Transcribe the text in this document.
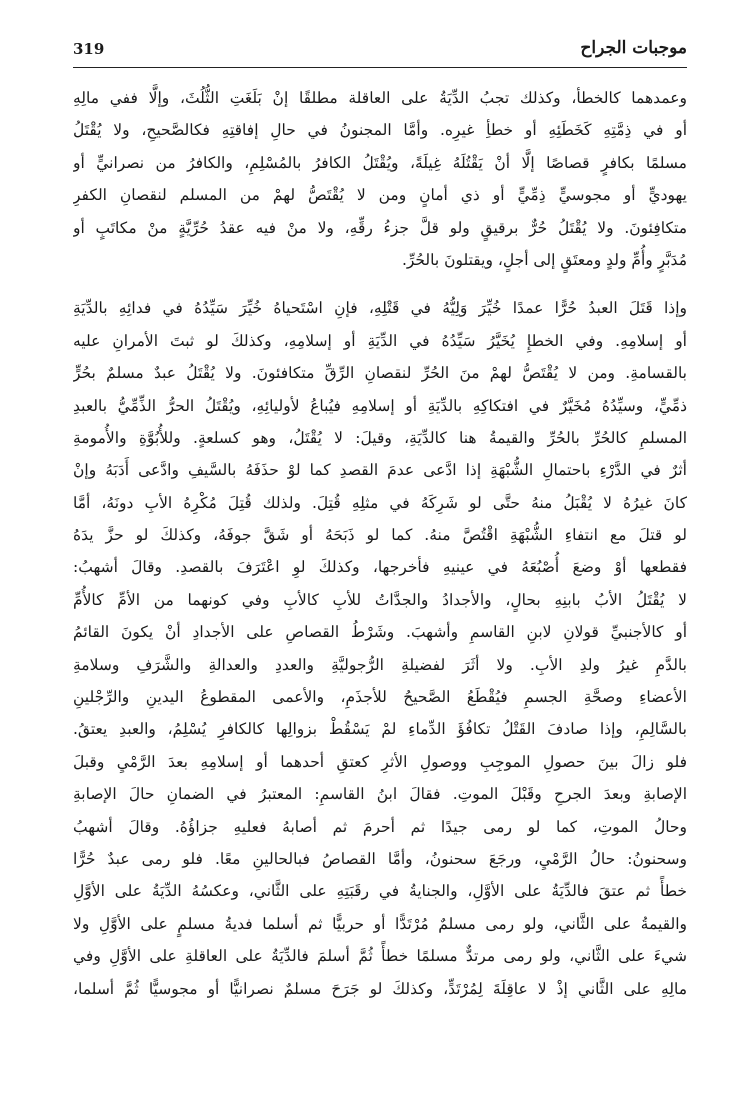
319	موجبات الجراح
وعمدهما كالخطأ، وكذلك تجبُ الدِّيَةُ على العاقلة مطلقًا إنْ بَلَغَتِ الثُّلُثَ، وإلَّا ففي مالِهِ
أو في ذِمَّتِهِ كَخَطَئِهِ أو خطأِ غيرِه. وأمَّا المجنونُ في حالِ إفاقتِهِ فكالصَّحيحِ، ولا يُقْتَلُ
مسلمًا بكافرٍ قصاصًا إلَّا أنْ يَقْتُلَهُ غِيلَةً، ويُقْتَلُ الكافرُ بالمُسْلِمِ، والكافرُ من نصرانيٍّ أو
يهوديٍّ أو مجوسيٍّ ذِمِّيٍّ أو ذي أمانٍ ومن لا يُقْتَصُّ لهمْ من المسلم لنقصانِ الكفرِ
متكافِئونَ. ولا يُقْتَلُ حُرٌّ برقيقٍ ولو قلَّ جزءُ رقِّهِ، ولا منْ فيه عقدُ حُرِّيَّةٍ منْ مكاتَبٍ أو
مُدَبَّرٍ وأُمِّ ولدٍ ومعتَقٍ إلى أجلٍ، ويقتلونَ بالحُرِّ.
وإذا قَتَلَ العبدُ حُرًّا عمدًا خُيِّرَ وَلِيُّهُ في قَتْلِهِ، فإنِ اسْتَحياهُ خُيِّرَ سَيِّدُهُ في فدائِهِ بالدِّيَةِ
أو إسلامِهِ. وفي الخطإِ يُخَيَّرُ سَيِّدُهُ في الدِّيَةِ أو إسلامِهِ، وكذلكَ لو ثبتَ الأمرانِ عليه
بالقسامةِ. ومن لا يُقْتَصُّ لهمْ منَ الحُرِّ لنقصانِ الرِّقِّ متكافئونَ. ولا يُقْتَلُ عبدٌ مسلمٌ بحُرٍّ
ذمِّيٍّ، وسيِّدُهُ مُخَيَّرٌ في افتكاكِهِ بالدِّيَةِ أو إسلامِهِ فيُباعُ لأوليائِهِ، ويُقْتَلُ الحرُّ الذِّمِّيُّ بالعبدِ
المسلمِ كالحُرِّ بالحُرِّ والقيمةُ هنا كالدِّيَةِ، وقيلَ: لا يُقْتَلُ، وهو كسلعةٍ. وللأُبُوَّةِ والأُمومةِ
أثرٌ في الدَّرْءِ باحتمالِ الشُّبْهَةِ إذا ادَّعى عدمَ القصدِ كما لوْ حذَفَهُ بالسَّيفِ وادَّعى أَدَبَهُ وإنْ
كانَ غيرُهُ لا يُقْبَلُ منهُ حتَّى لو شَرِكَهُ في مثلِهِ قُتِلَ. ولذلك قُتِلَ مُكْرِهُ الأبِ دونَهُ، أمَّا
لو قتلَ مع انتفاءِ الشُّبْهَةِ اقْتُصَّ منهُ. كما لو ذَبَحَهُ أو شَقَّ جوفَهُ، وكذلكَ لو حزَّ يدَهُ
فقطعها أوْ وضعَ أُصْبُعَهُ في عينيهِ فأخرجها، وكذلكَ لوِ اعْتَرَفَ بالقصدِ. وقالَ أشهبُ:
لا يُقْتَلُ الأبُ بابنِهِ بحالٍ، والأجدادُ والجدَّاتُ للأبِ كالأبِ وفي كونهما من الأمِّ كالأُمِّ
أو كالأجنبيِّ قولانِ لابنِ القاسمِ وأشهبَ. وشَرْطُ القصاصِ على الأجدادِ أنْ يكونَ القائمُ
بالدَّمِ غيرُ ولدِ الأبِ. ولا أثَرَ لفضيلةِ الرُّجوليَّةِ والعددِ والعدالةِ والشَّرَفِ وسلامةِ
الأعضاءِ وصحَّةِ الجسمِ فيُقْطَعُ الصَّحيحُ للأجذَمِ، والأعمى المقطوعُ اليدينِ والرِّجْلينِ
بالسَّالِمِ، وإذا صادفَ القَتْلُ تكافُؤَ الدِّماءِ لمْ يَسْقُطْ بزوالِها كالكافرِ يُسْلِمُ، والعبدِ يعتقُ.
فلو زالَ بينَ حصولِ الموجِبِ ووصولِ الأثرِ كعتقِ أحدهما أو إسلامِهِ بعدَ الرَّمْيِ وقبلَ
الإصابةِ وبعدَ الجرحِ وقَبْلَ الموتِ. فقالَ ابنُ القاسمِ: المعتبرُ في الضمانِ حالَ الإصابةِ
وحالُ الموتِ، كما لو رمى جيدًا ثم أحرمَ ثم أصابهُ فعليهِ جزاؤُهُ. وقالَ أشهبُ
وسحنونُ: حالُ الرَّمْيِ، ورجَعَ سحنونُ، وأمَّا القصاصُ فبالحالينِ معًا. فلو رمى عبدٌ حُرًّا
خطأً ثم عتقَ فالدِّيَةُ على الأوَّلِ، والجنايةُ في رقَبَتِهِ على الثَّاني، وعكسُهُ الدِّيَةُ على الأوَّلِ
والقيمةُ على الثَّاني، ولو رمى مسلمٌ مُرْتَدًّا أو حربيًّا ثم أسلما فديةُ مسلمٍ على الأوَّلِ ولا
شيءَ على الثَّاني، ولو رمى مرتدٌّ مسلمًا خطأً ثُمَّ أسلمَ فالدِّيَةُ على العاقلةِ على الأوَّلِ وفي
مالِهِ على الثَّاني إذْ لا عاقِلَةَ لِمُرْتَدٍّ، وكذلكَ لو جَرَحَ مسلمٌ نصرانيًّا أو مجوسيًّا ثُمَّ أسلما،
